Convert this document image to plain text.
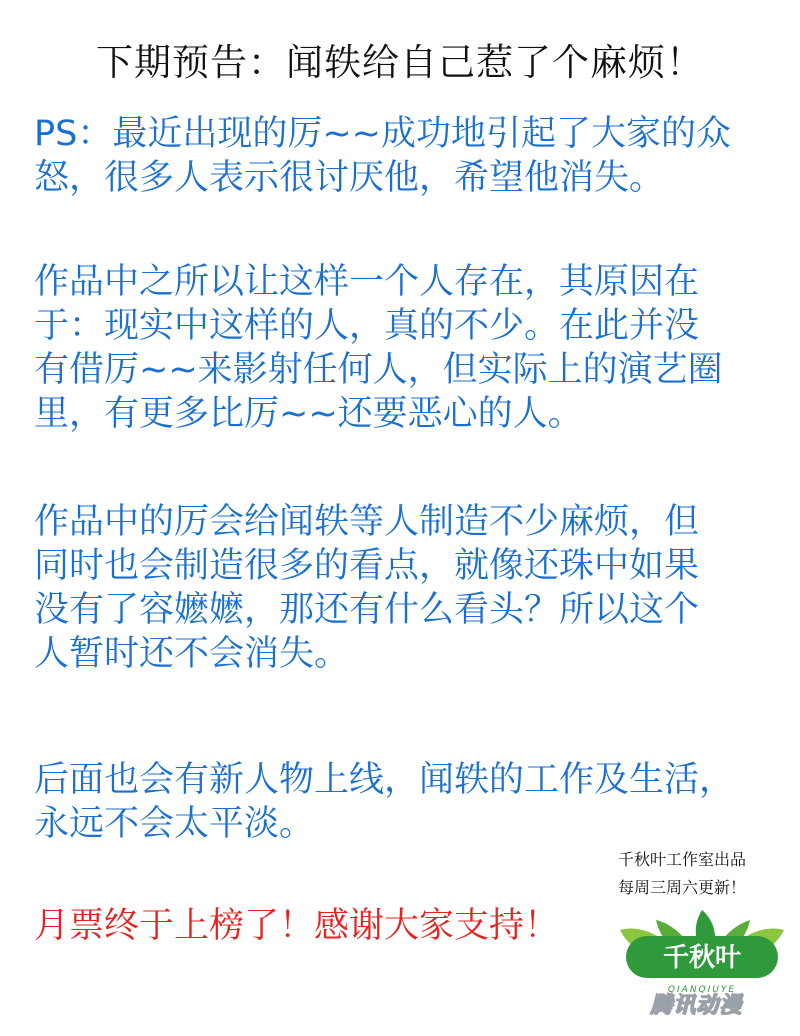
下期预告：闻轶给自己惹了个麻烦！
PS：最近出现的厉~~成功地引起了大家的众
怒，很多人表示很讨厌他，希望他消失。
作品中之所以让这样一个人存在，其原因在
于：现实中这样的人，真的不少。在此并没
有借厉~~来影射任何人，但实际上的演艺圈
里，有更多比厉~~还要恶心的人。
作品中的厉会给闻轶等人制造不少麻烦，但
同时也会制造很多的看点，就像还珠中如果
没有了容嬷嬷，那还有什么看头？所以这个
人暂时还不会消失。
后面也会有新人物上线，闻轶的工作及生活，
永远不会太平淡。
千秋叶工作室出品
每周三周六更新！
月票终于上榜了！感谢大家支持！
千秋叶
QIANQIUYE
腾讯动漫
